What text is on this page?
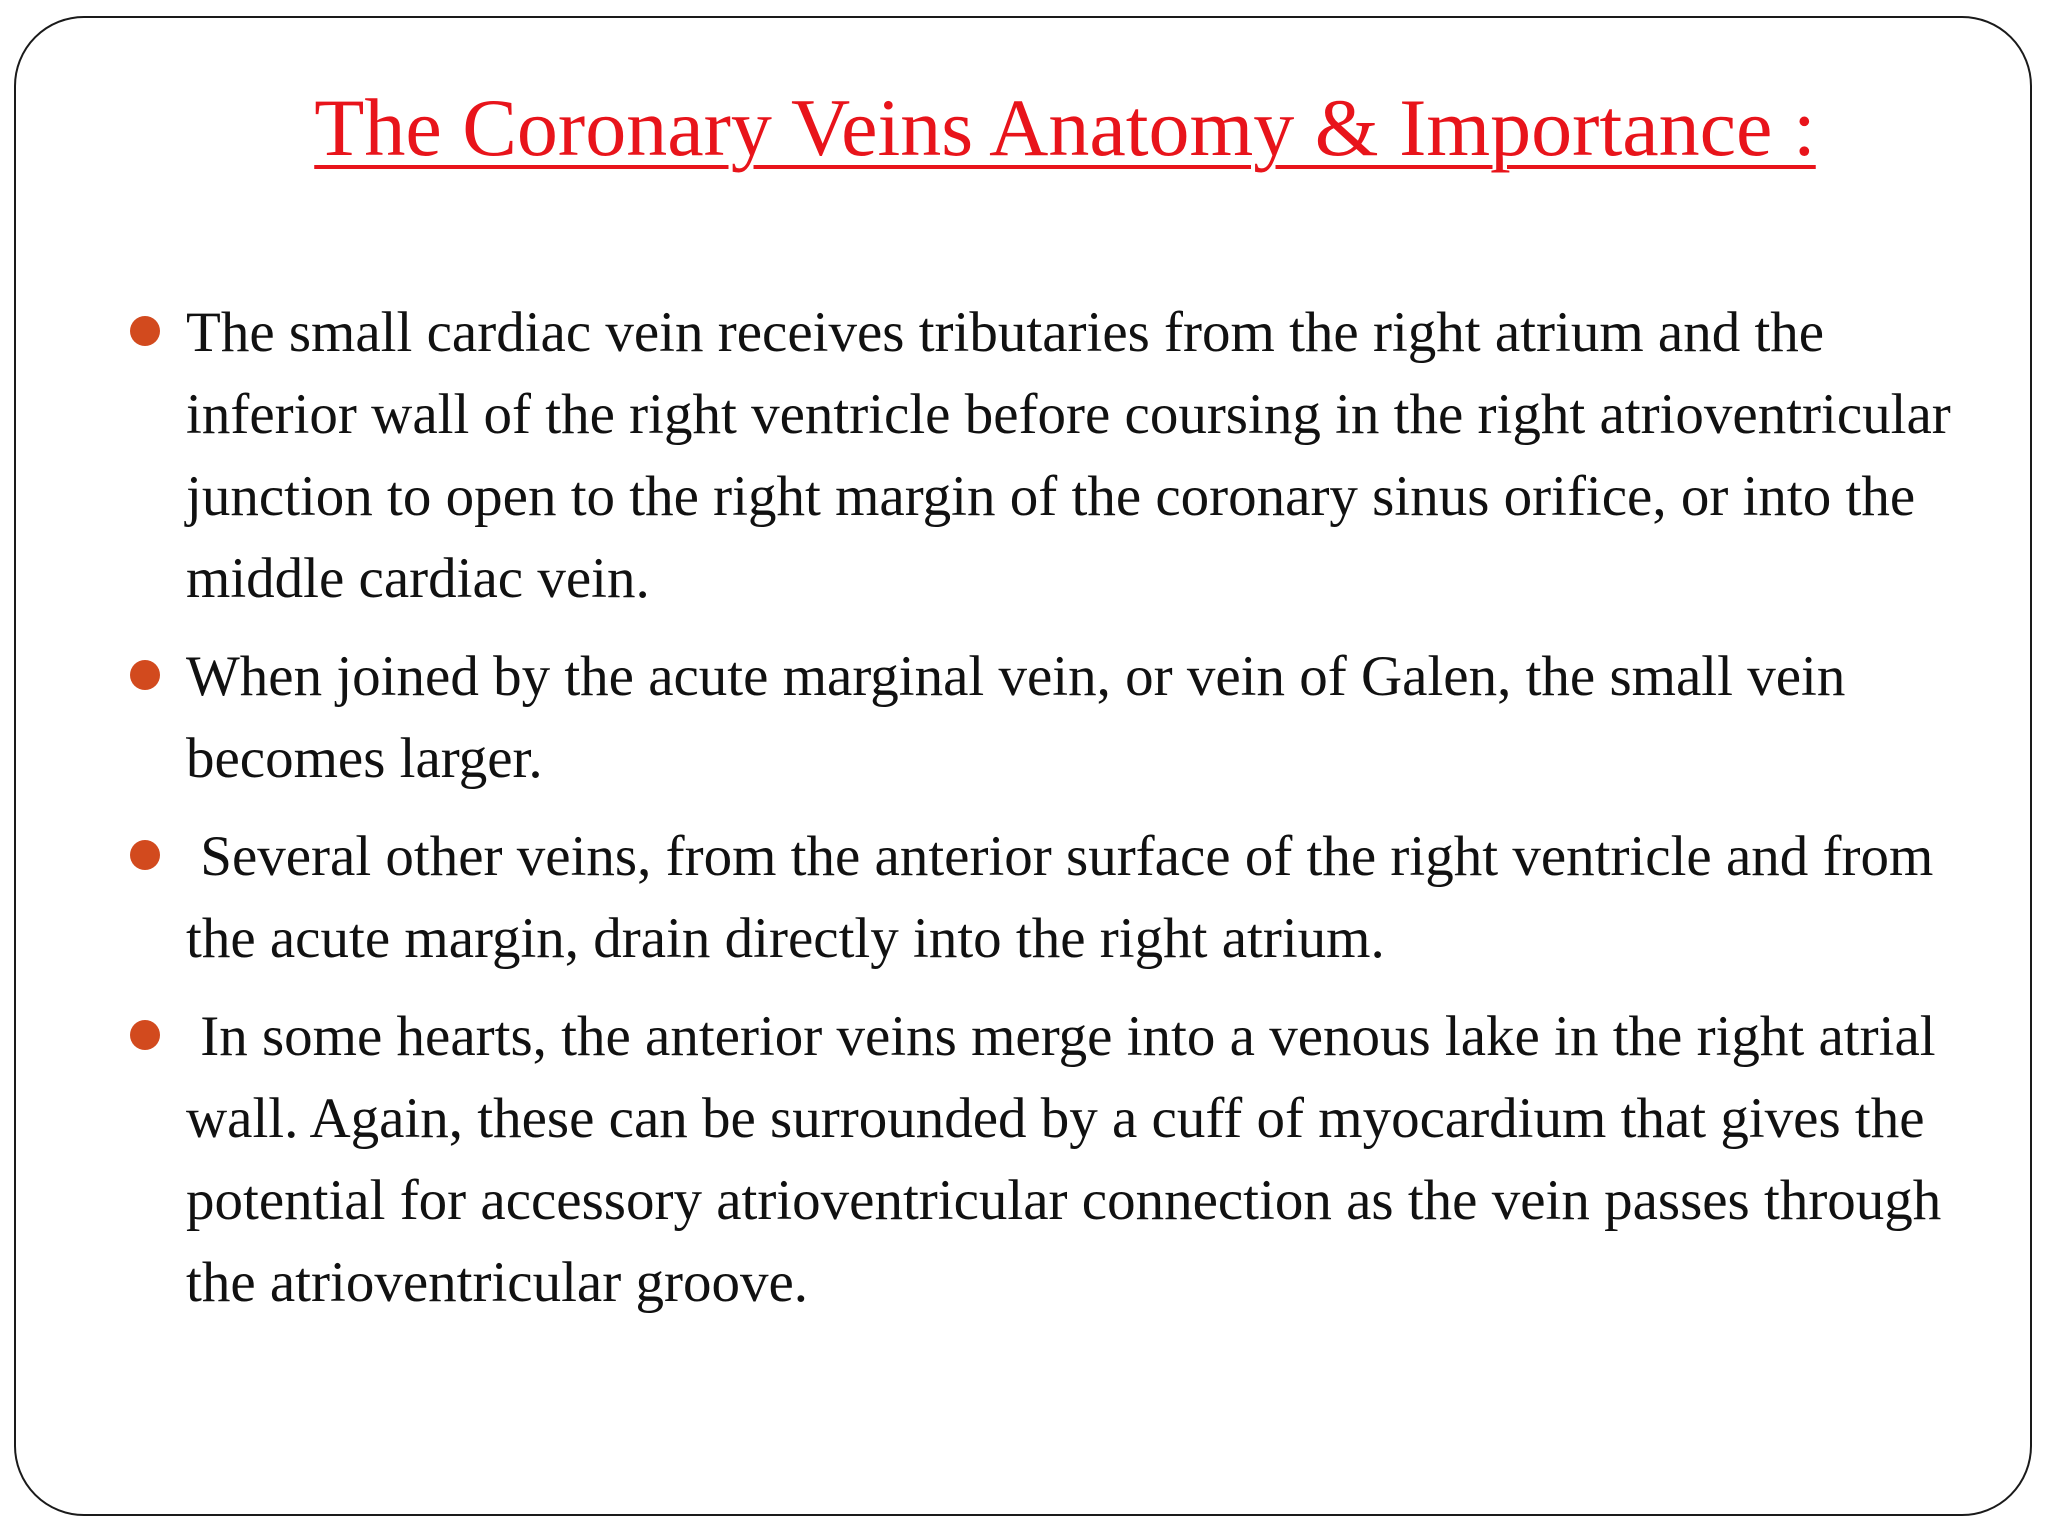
The Coronary Veins Anatomy & Importance :
The small cardiac vein receives tributaries from the right atrium and the inferior wall of the right ventricle before coursing in the right atrioventricular junction to open to the right margin of the coronary sinus orifice, or into the middle cardiac vein.
When joined by the acute marginal vein, or vein of Galen, the small vein becomes larger.
Several other veins, from the anterior surface of the right ventricle and from the acute margin, drain directly into the right atrium.
In some hearts, the anterior veins merge into a venous lake in the right atrial wall. Again, these can be surrounded by a cuff of myocardium that gives the potential for accessory atrioventricular connection as the vein passes through the atrioventricular groove.
